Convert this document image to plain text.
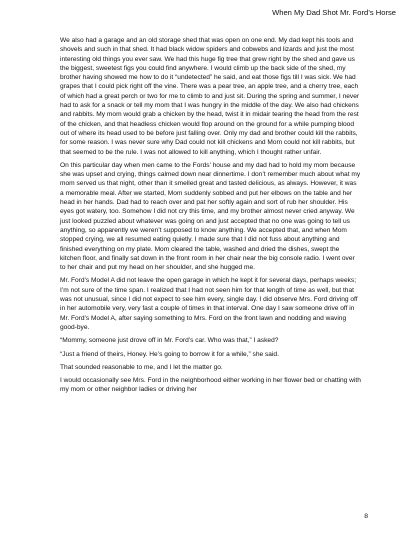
When My Dad Shot Mr. Ford’s Horse

We also had a garage and an old storage shed that was open on one end. My dad kept his tools and shovels and such in that shed. It had black widow spiders and cobwebs and lizards and just the most interesting old things you ever saw. We had this huge fig tree that grew right by the shed and gave us the biggest, sweetest figs you could find anywhere. I would climb up the back side of the shed, my brother having showed me how to do it “undetected” he said, and eat those figs till I was sick. We had grapes that I could pick right off the vine. There was a pear tree, an apple tree, and a cherry tree, each of which had a great perch or two for me to climb to and just sit. During the spring and summer, I never had to ask for a snack or tell my mom that I was hungry in the middle of the day. We also had chickens and rabbits. My mom would grab a chicken by the head, twist it in midair tearing the head from the rest of the chicken, and that headless chicken would flop around on the ground for a while pumping blood out of where its head used to be before just falling over. Only my dad and brother could kill the rabbits, for some reason. I was never sure why Dad could not kill chickens and Mom could not kill rabbits, but that seemed to be the rule. I was not allowed to kill anything, which I thought rather unfair.

On this particular day when men came to the Fords’ house and my dad had to hold my mom because she was upset and crying, things calmed down near dinnertime. I don’t remember much about what my mom served us that night, other than it smelled great and tasted delicious, as always. However, it was a memorable meal. After we started, Mom suddenly sobbed and put her elbows on the table and her head in her hands. Dad had to reach over and pat her softly again and sort of rub her shoulder. His eyes got watery, too. Somehow I did not cry this time, and my brother almost never cried anyway. We just looked puzzled about whatever was going on and just accepted that no one was going to tell us anything, so apparently we weren’t supposed to know anything. We accepted that, and when Mom stopped crying, we all resumed eating quietly. I made sure that I did not fuss about anything and finished everything on my plate. Mom cleared the table, washed and dried the dishes, swept the kitchen floor, and finally sat down in the front room in her chair near the big console radio. I went over to her chair and put my head on her shoulder, and she hugged me.

Mr. Ford’s Model A did not leave the open garage in which he kept it for several days, perhaps weeks; I’m not sure of the time span. I realized that I had not seen him for that length of time as well, but that was not unusual, since I did not expect to see him every, single day. I did observe Mrs. Ford driving off in her automobile very, very fast a couple of times in that interval. One day I saw someone drive off in Mr. Ford’s Model A, after saying something to Mrs. Ford on the front lawn and nodding and waving good-bye.

“Mommy, someone just drove off in Mr. Ford’s car. Who was that,” I asked?

“Just a friend of theirs, Honey. He’s going to borrow it for a while,” she said.

That sounded reasonable to me, and I let the matter go.

I would occasionally see Mrs. Ford in the neighborhood either working in her flower bed or chatting with my mom or other neighbor ladies or driving her

8
